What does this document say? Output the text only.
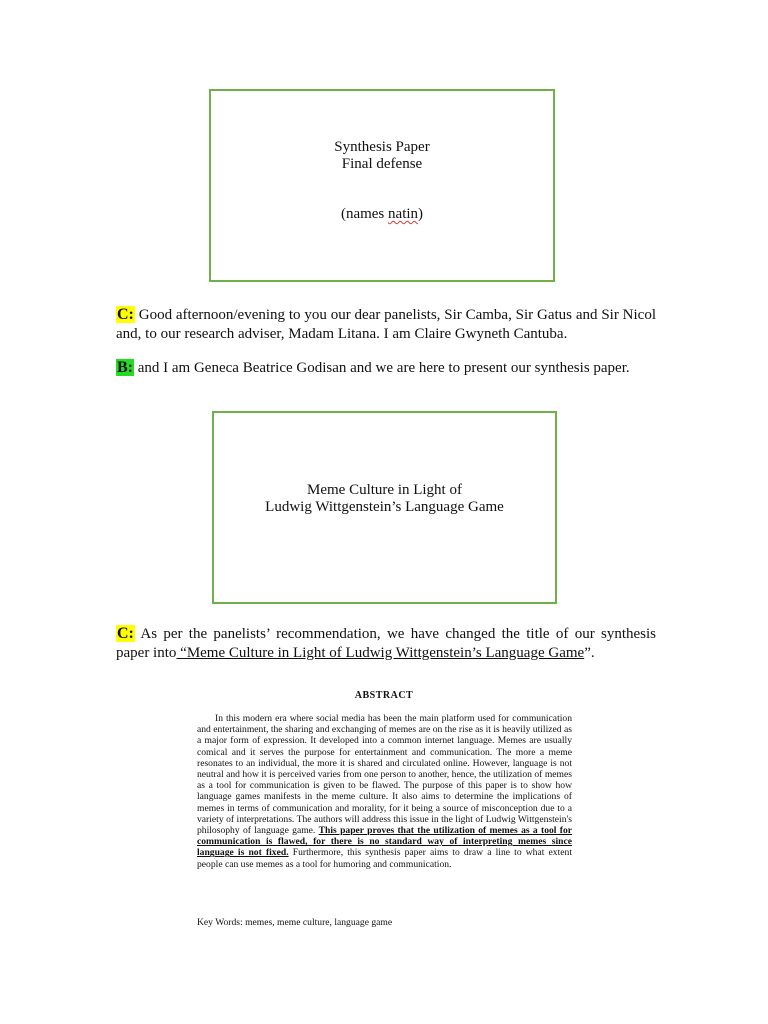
Synthesis Paper
Final defense
(names natin)
C: Good afternoon/evening to you our dear panelists, Sir Camba, Sir Gatus and Sir Nicol and, to our research adviser, Madam Litana. I am Claire Gwyneth Cantuba.
B: and I am Geneca Beatrice Godisan and we are here to present our synthesis paper.
Meme Culture in Light of
Ludwig Wittgenstein’s Language Game
C: As per the panelists’ recommendation, we have changed the title of our synthesis paper into “Meme Culture in Light of Ludwig Wittgenstein’s Language Game”.
ABSTRACT
In this modern era where social media has been the main platform used for communication and entertainment, the sharing and exchanging of memes are on the rise as it is heavily utilized as a major form of expression. It developed into a common internet language. Memes are usually comical and it serves the purpose for entertainment and communication. The more a meme resonates to an individual, the more it is shared and circulated online. However, language is not neutral and how it is perceived varies from one person to another, hence, the utilization of memes as a tool for communication is given to be flawed. The purpose of this paper is to show how language games manifests in the meme culture. It also aims to determine the implications of memes in terms of communication and morality, for it being a source of misconception due to a variety of interpretations. The authors will address this issue in the light of Ludwig Wittgenstein's philosophy of language game. This paper proves that the utilization of memes as a tool for communication is flawed, for there is no standard way of interpreting memes since language is not fixed. Furthermore, this synthesis paper aims to draw a line to what extent people can use memes as a tool for humoring and communication.
Key Words: memes, meme culture, language game
